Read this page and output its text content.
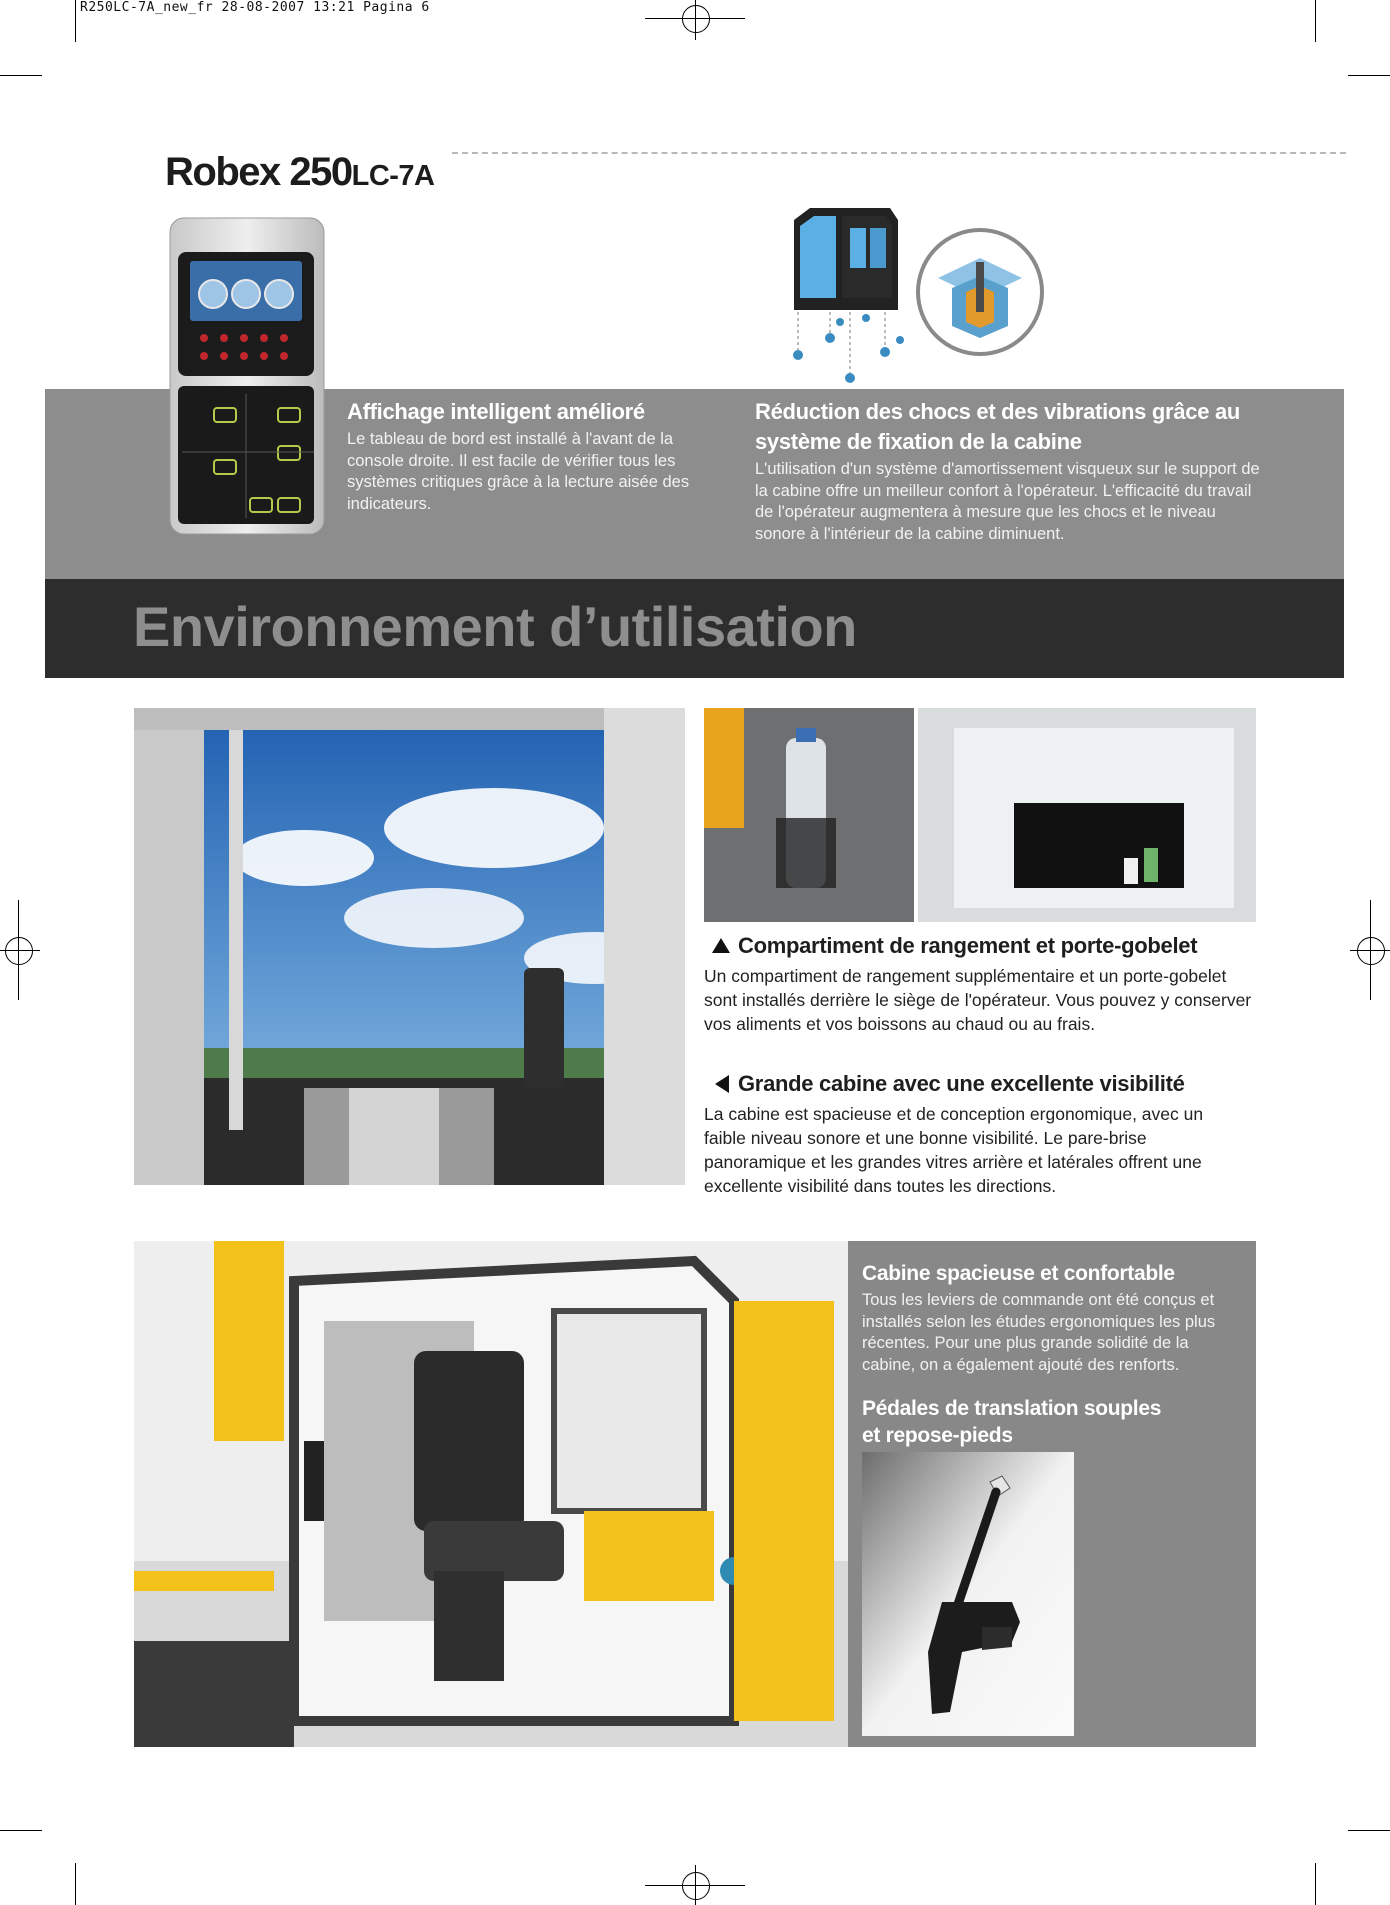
R250LC-7A_new_fr 28-08-2007 13:21 Pagina 6
Robex 250LC-7A
Affichage intelligent amélioré
Le tableau de bord est installé à l'avant de la console droite. Il est facile de vérifier tous les systèmes critiques grâce à la lecture aisée des indicateurs.
Réduction des chocs et des vibrations grâce au système de fixation de la cabine
L'utilisation d'un système d'amortissement visqueux sur le support de la cabine offre un meilleur confort à l'opérateur. L'efficacité du travail de l'opérateur augmentera à mesure que les chocs et le niveau sonore à l'intérieur de la cabine diminuent.
Environnement d’utilisation
Compartiment de rangement et porte-gobelet
Un compartiment de rangement supplémentaire et un porte-gobelet sont installés derrière le siège de l'opérateur. Vous pouvez y conserver vos aliments et vos boissons au chaud ou au frais.
Grande cabine avec une excellente visibilité
La cabine est spacieuse et de conception ergonomique, avec un faible niveau sonore et une bonne visibilité. Le pare-brise panoramique et les grandes vitres arrière et latérales offrent une excellente visibilité dans toutes les directions.
Cabine spacieuse et confortable
Tous les leviers de commande ont été conçus et installés selon les études ergonomiques les plus récentes. Pour une plus grande solidité de la cabine, on a également ajouté des renforts.
Pédales de translation souples
et repose-pieds
